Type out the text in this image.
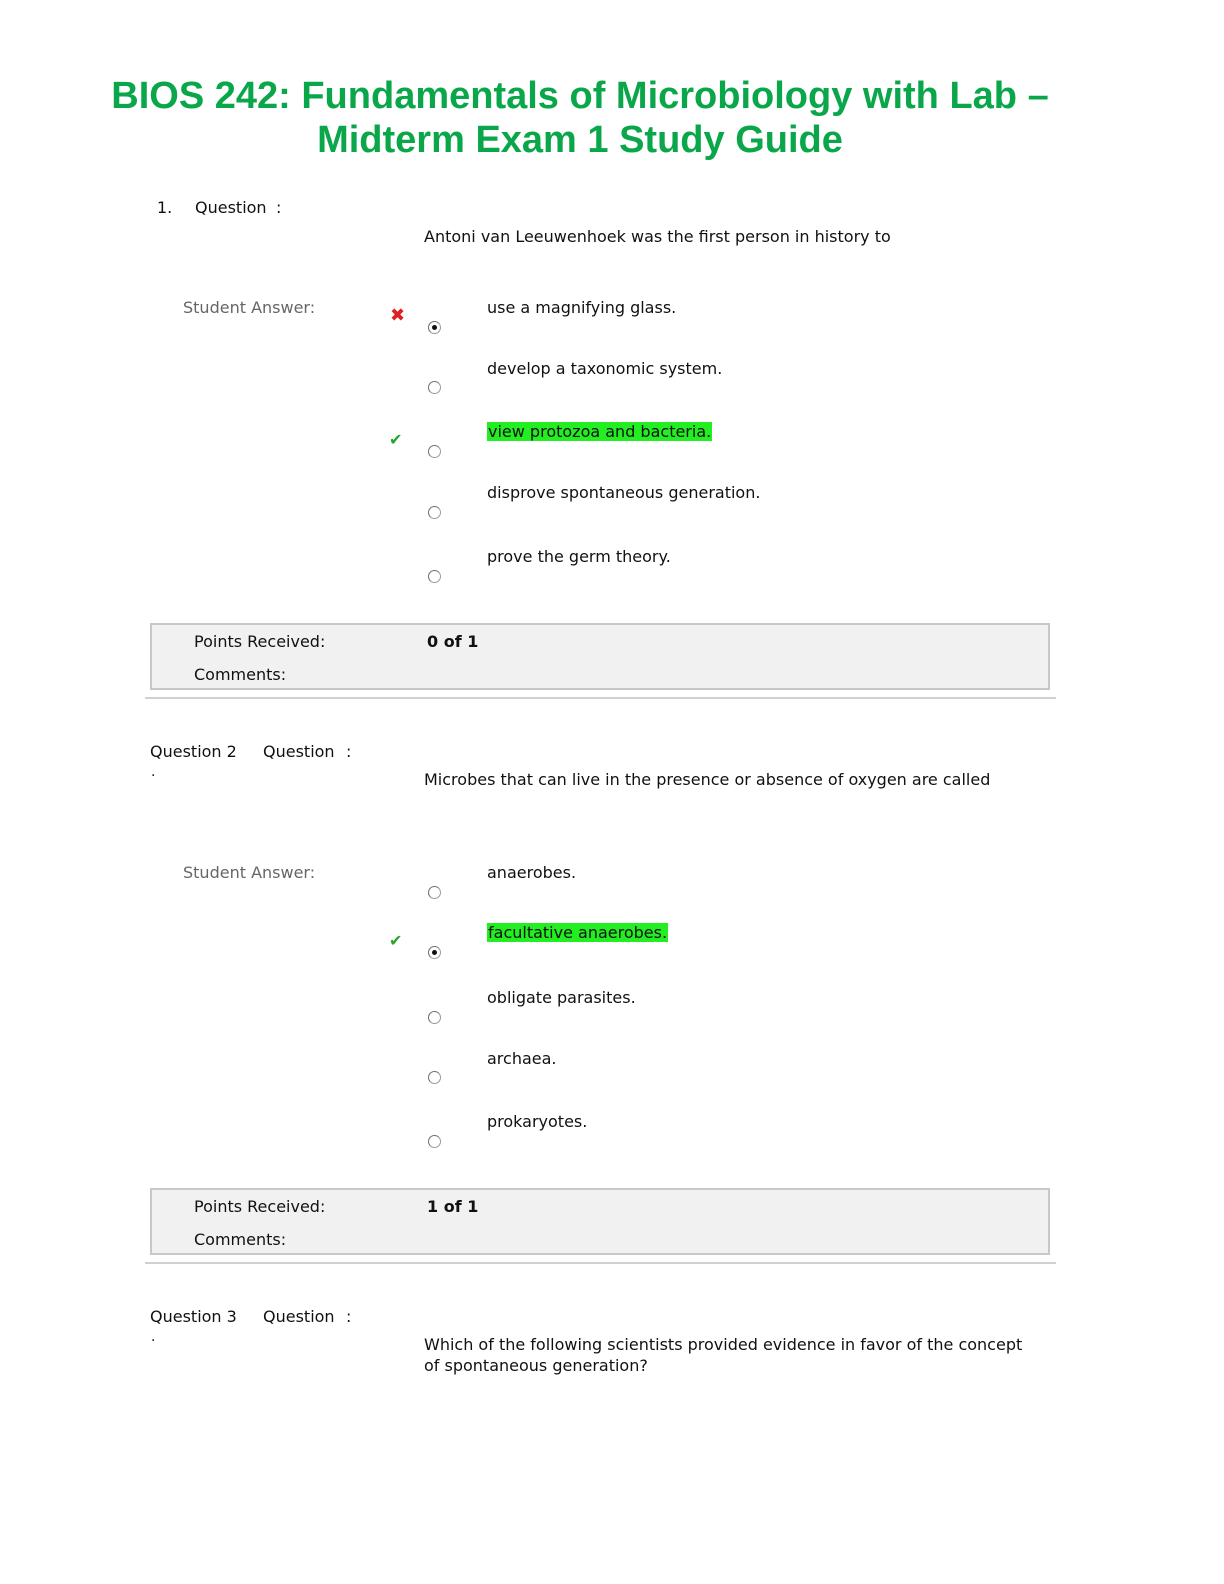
BIOS 242: Fundamentals of Microbiology with Lab –
Midterm Exam 1 Study Guide
1. Question :
Antoni van Leeuwenhoek was the first person in history to
Student Answer:	✖	use a magnifying glass.
develop a taxonomic system.
✔	view protozoa and bacteria.
disprove spontaneous generation.
prove the germ theory.
Points Received:	0 of 1
Comments:
Question 2 Question :
.	Microbes that can live in the presence or absence of oxygen are called
Student Answer:	anaerobes.
✔	facultative anaerobes.
obligate parasites.
archaea.
prokaryotes.
Points Received:	1 of 1
Comments:
Question 3 Question :
.	Which of the following scientists provided evidence in favor of the concept of spontaneous generation?
